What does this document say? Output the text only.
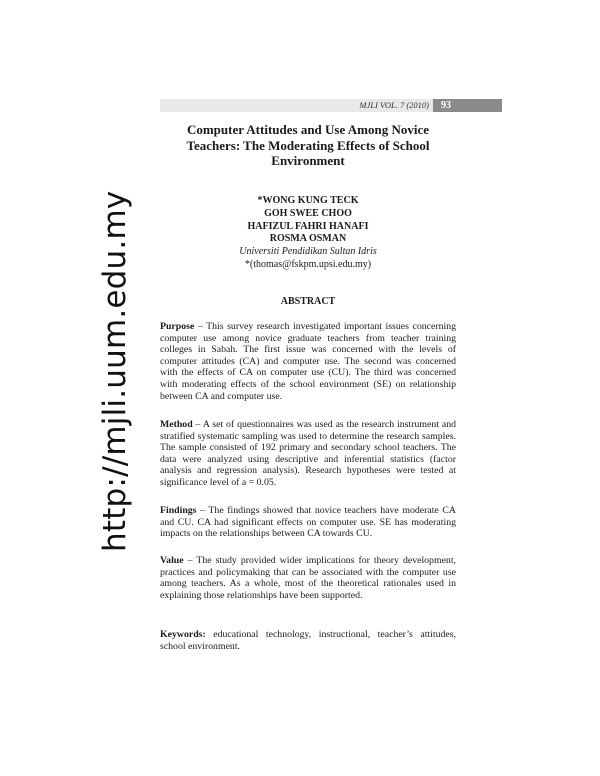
MJLI VOL. 7 (2010)	93
Computer Attitudes and Use Among Novice
Teachers: The Moderating Effects of School
Environment
*WONG KUNG TECK
GOH SWEE CHOO
HAFIZUL FAHRI HANAFI
ROSMA OSMAN
Universiti Pendidikan Sultan Idris
*(thomas@fskpm.upsi.edu.my)
ABSTRACT

Purpose – This survey research investigated important issues concerning computer use among novice graduate teachers from teacher training colleges in Sabah. The first issue was concerned with the levels of computer attitudes (CA) and computer use. The second was concerned with the effects of CA on computer use (CU). The third was concerned with moderating effects of the school environment (SE) on relationship between CA and computer use.

Method – A set of questionnaires was used as the research instrument and stratified systematic sampling was used to determine the research samples. The sample consisted of 192 primary and secondary school teachers. The data were analyzed using descriptive and inferential statistics (factor analysis and regression analysis). Research hypotheses were tested at significance level of a = 0.05.

Findings – The findings showed that novice teachers have moderate CA and CU. CA had significant effects on computer use. SE has moderating impacts on the relationships between CA towards CU.

Value – The study provided wider implications for theory development, practices and policymaking that can be associated with the computer use among teachers. As a whole, most of the theoretical rationales used in explaining those relationships have been supported.

Keywords: educational technology, instructional, teacher’s attitudes, school environment.

http://mjli.uum.edu.my
